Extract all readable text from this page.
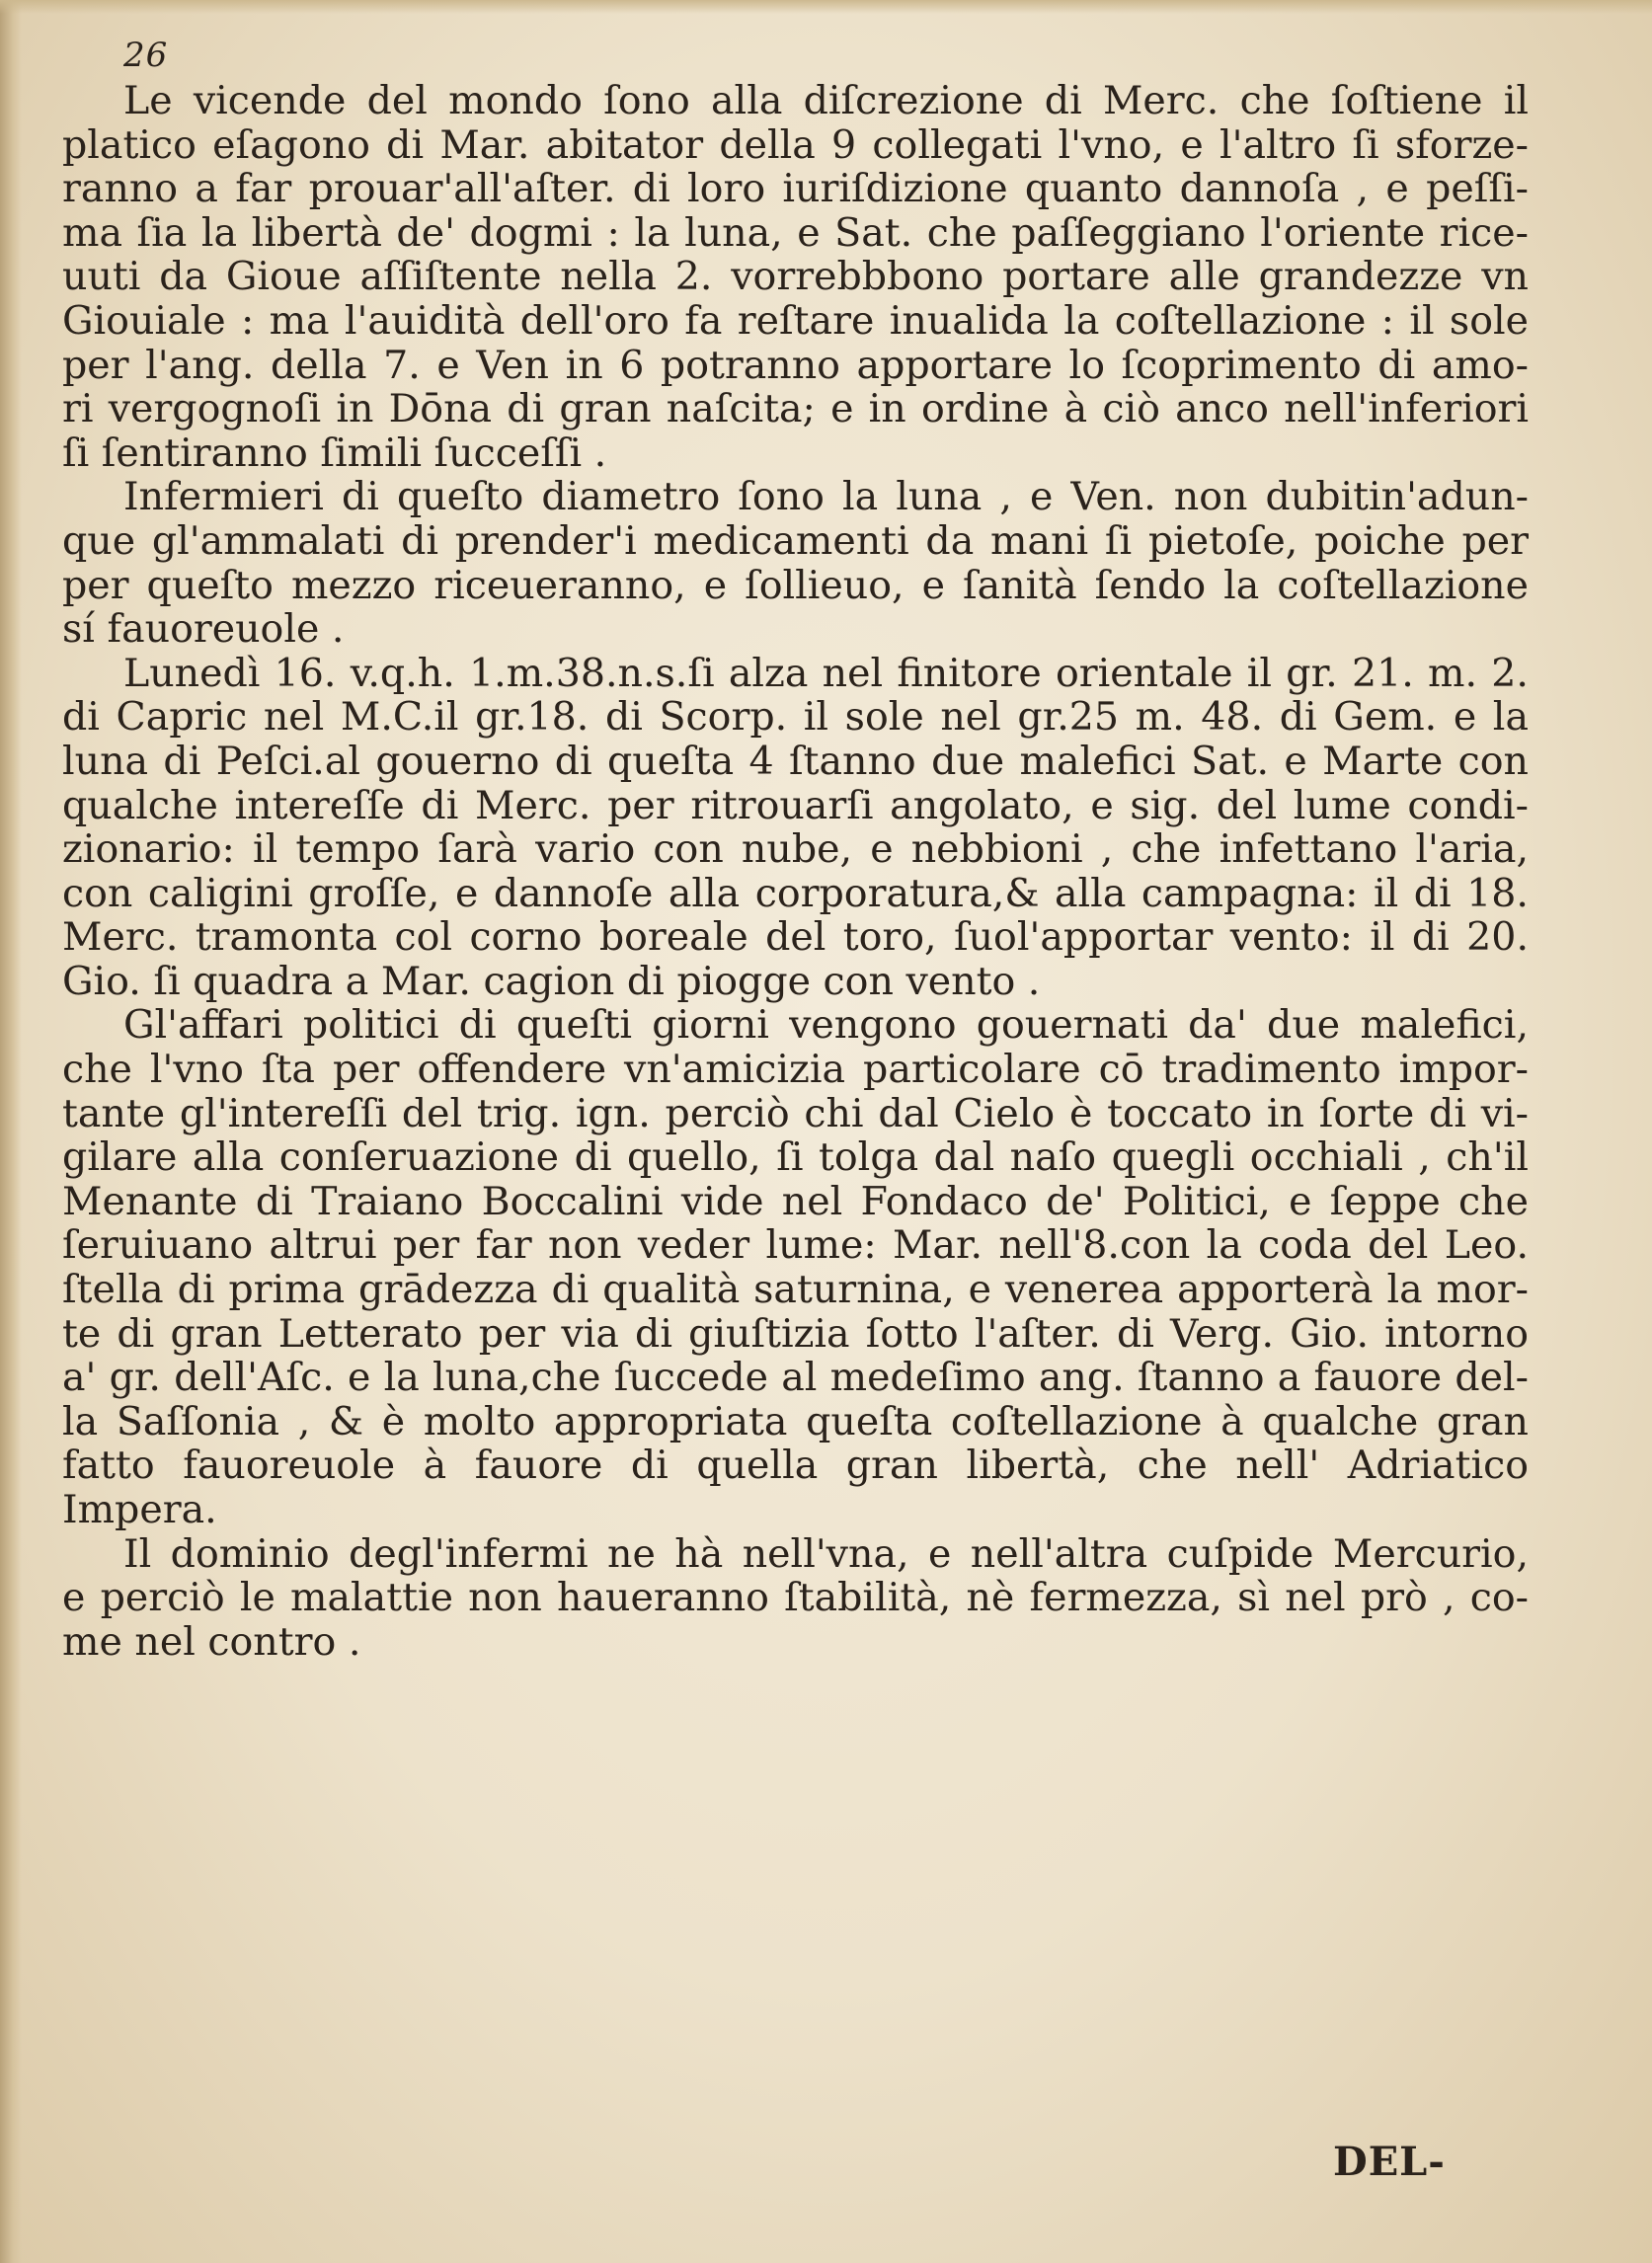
26
Le vicende del mondo ſono alla diſcrezione di Merc. che ſoſtiene il
platico eſagono di Mar. abitator della 9 collegati l'vno, e l'altro ſi sforze-
ranno a far prouar'all'aſter. di loro iuriſdizione quanto dannoſa , e peſſi-
ma ſia la libertà de' dogmi : la luna, e Sat. che paſſeggiano l'oriente rice-
uuti da Gioue aſſiſtente nella 2. vorrebbbono portare alle grandezze vn
Giouiale : ma l'auidità dell'oro fa reſtare inualida la coſtellazione : il sole
per l'ang. della 7. e Ven in 6 potranno apportare lo ſcoprimento di amo-
ri vergognoſi in Dōna di gran naſcita; e in ordine à ciò anco nell'inferiori
ſi ſentiranno ſimili ſucceſſi .
Infermieri di queſto diametro ſono la luna , e Ven. non dubitin'adun-
que gl'ammalati di prender'i medicamenti da mani ſi pietoſe, poiche per
per queſto mezzo riceueranno, e ſollieuo, e ſanità ſendo la coſtellazione
sí fauoreuole .
Lunedì 16. v.q.h. 1.m.38.n.s.ſi alza nel finitore orientale il gr. 21. m. 2.
di Capric nel M.C.il gr.18. di Scorp. il sole nel gr.25 m. 48. di Gem. e la
luna di Peſci.al gouerno di queſta 4 ſtanno due malefici Sat. e Marte con
qualche intereſſe di Merc. per ritrouarſi angolato, e sig. del lume condi-
zionario: il tempo ſarà vario con nube, e nebbioni , che infettano l'aria,
con caligini groſſe, e dannoſe alla corporatura,& alla campagna: il di 18.
Merc. tramonta col corno boreale del toro, ſuol'apportar vento: il di 20.
Gio. ſi quadra a Mar. cagion di piogge con vento .
Gl'affari politici di queſti giorni vengono gouernati da' due malefici,
che l'vno ſta per offendere vn'amicizia particolare cō tradimento impor-
tante gl'intereſſi del trig. ign. perciò chi dal Cielo è toccato in ſorte di vi-
gilare alla conſeruazione di quello, ſi tolga dal naſo quegli occhiali , ch'il
Menante di Traiano Boccalini vide nel Fondaco de' Politici, e ſeppe che
ſeruiuano altrui per far non veder lume: Mar. nell'8.con la coda del Leo.
ſtella di prima grādezza di qualità saturnina, e venerea apporterà la mor-
te di gran Letterato per via di giuſtizia ſotto l'aſter. di Verg. Gio. intorno
a' gr. dell'Aſc. e la luna,che ſuccede al medeſimo ang. ſtanno a fauore del-
la Saſſonia , & è molto appropriata queſta coſtellazione à qualche gran
fatto fauoreuole à fauore di quella gran libertà, che nell' Adriatico
Impera.
Il dominio degl'infermi ne hà nell'vna, e nell'altra cuſpide Mercurio,
e perciò le malattie non haueranno ſtabilità, nè fermezza, sì nel prò , co-
me nel contro .
DEL-
